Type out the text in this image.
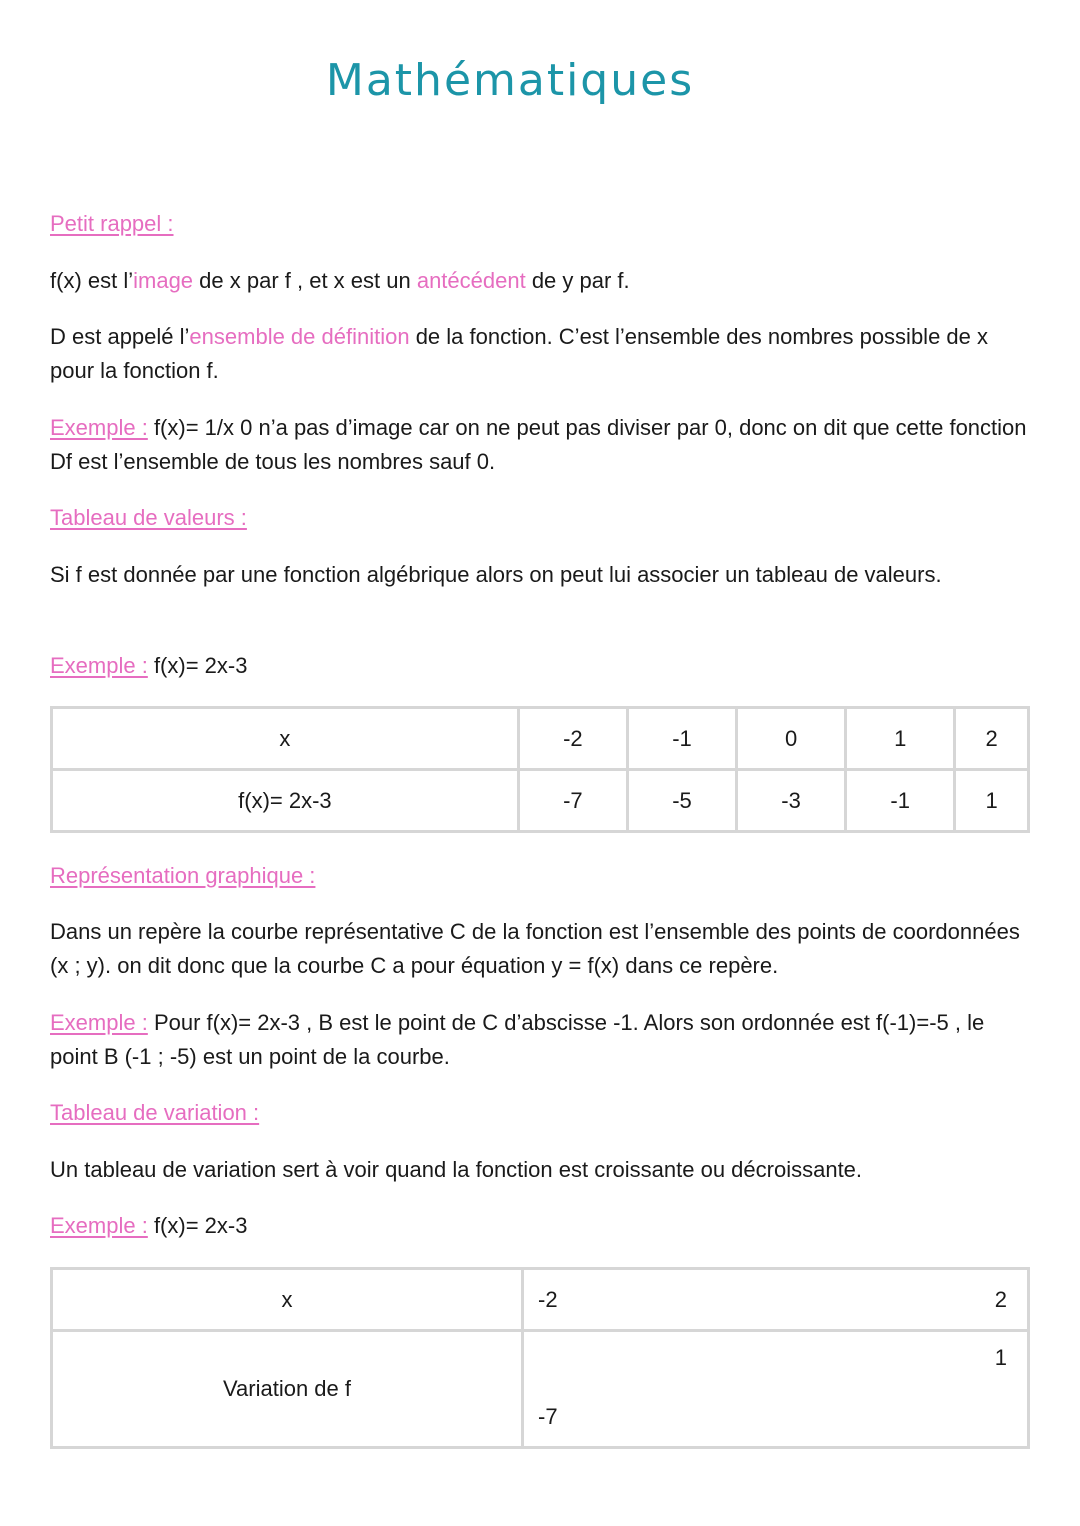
Mathématiques
Petit rappel :
f(x) est l’image de x par f , et x est un antécédent de y par f.
D est appelé l’ensemble de définition de la fonction. C’est l’ensemble des nombres possible de x pour la fonction f.
Exemple : f(x)= 1/x 0 n’a pas d’image car on ne peut pas diviser par 0, donc on dit que cette fonction Df est l’ensemble de tous les nombres sauf 0.
Tableau de valeurs :
Si f est donnée par une fonction algébrique alors on peut lui associer un tableau de valeurs.
Exemple : f(x)= 2x-3
x	-2	-1	0	1	2
f(x)= 2x-3	-7	-5	-3	-1	1
Représentation graphique :
Dans un repère la courbe représentative C de la fonction est l’ensemble des points de coordonnées (x ; y). on dit donc que la courbe C a pour équation y = f(x) dans ce repère.
Exemple : Pour f(x)= 2x-3 , B est le point de C d’abscisse -1. Alors son ordonnée est f(-1)=-5 , le point B (-1 ; -5) est un point de la courbe.
Tableau de variation :
Un tableau de variation sert à voir quand la fonction est croissante ou décroissante.
Exemple : f(x)= 2x-3
x	-2 2

Variation de f	1
-7
